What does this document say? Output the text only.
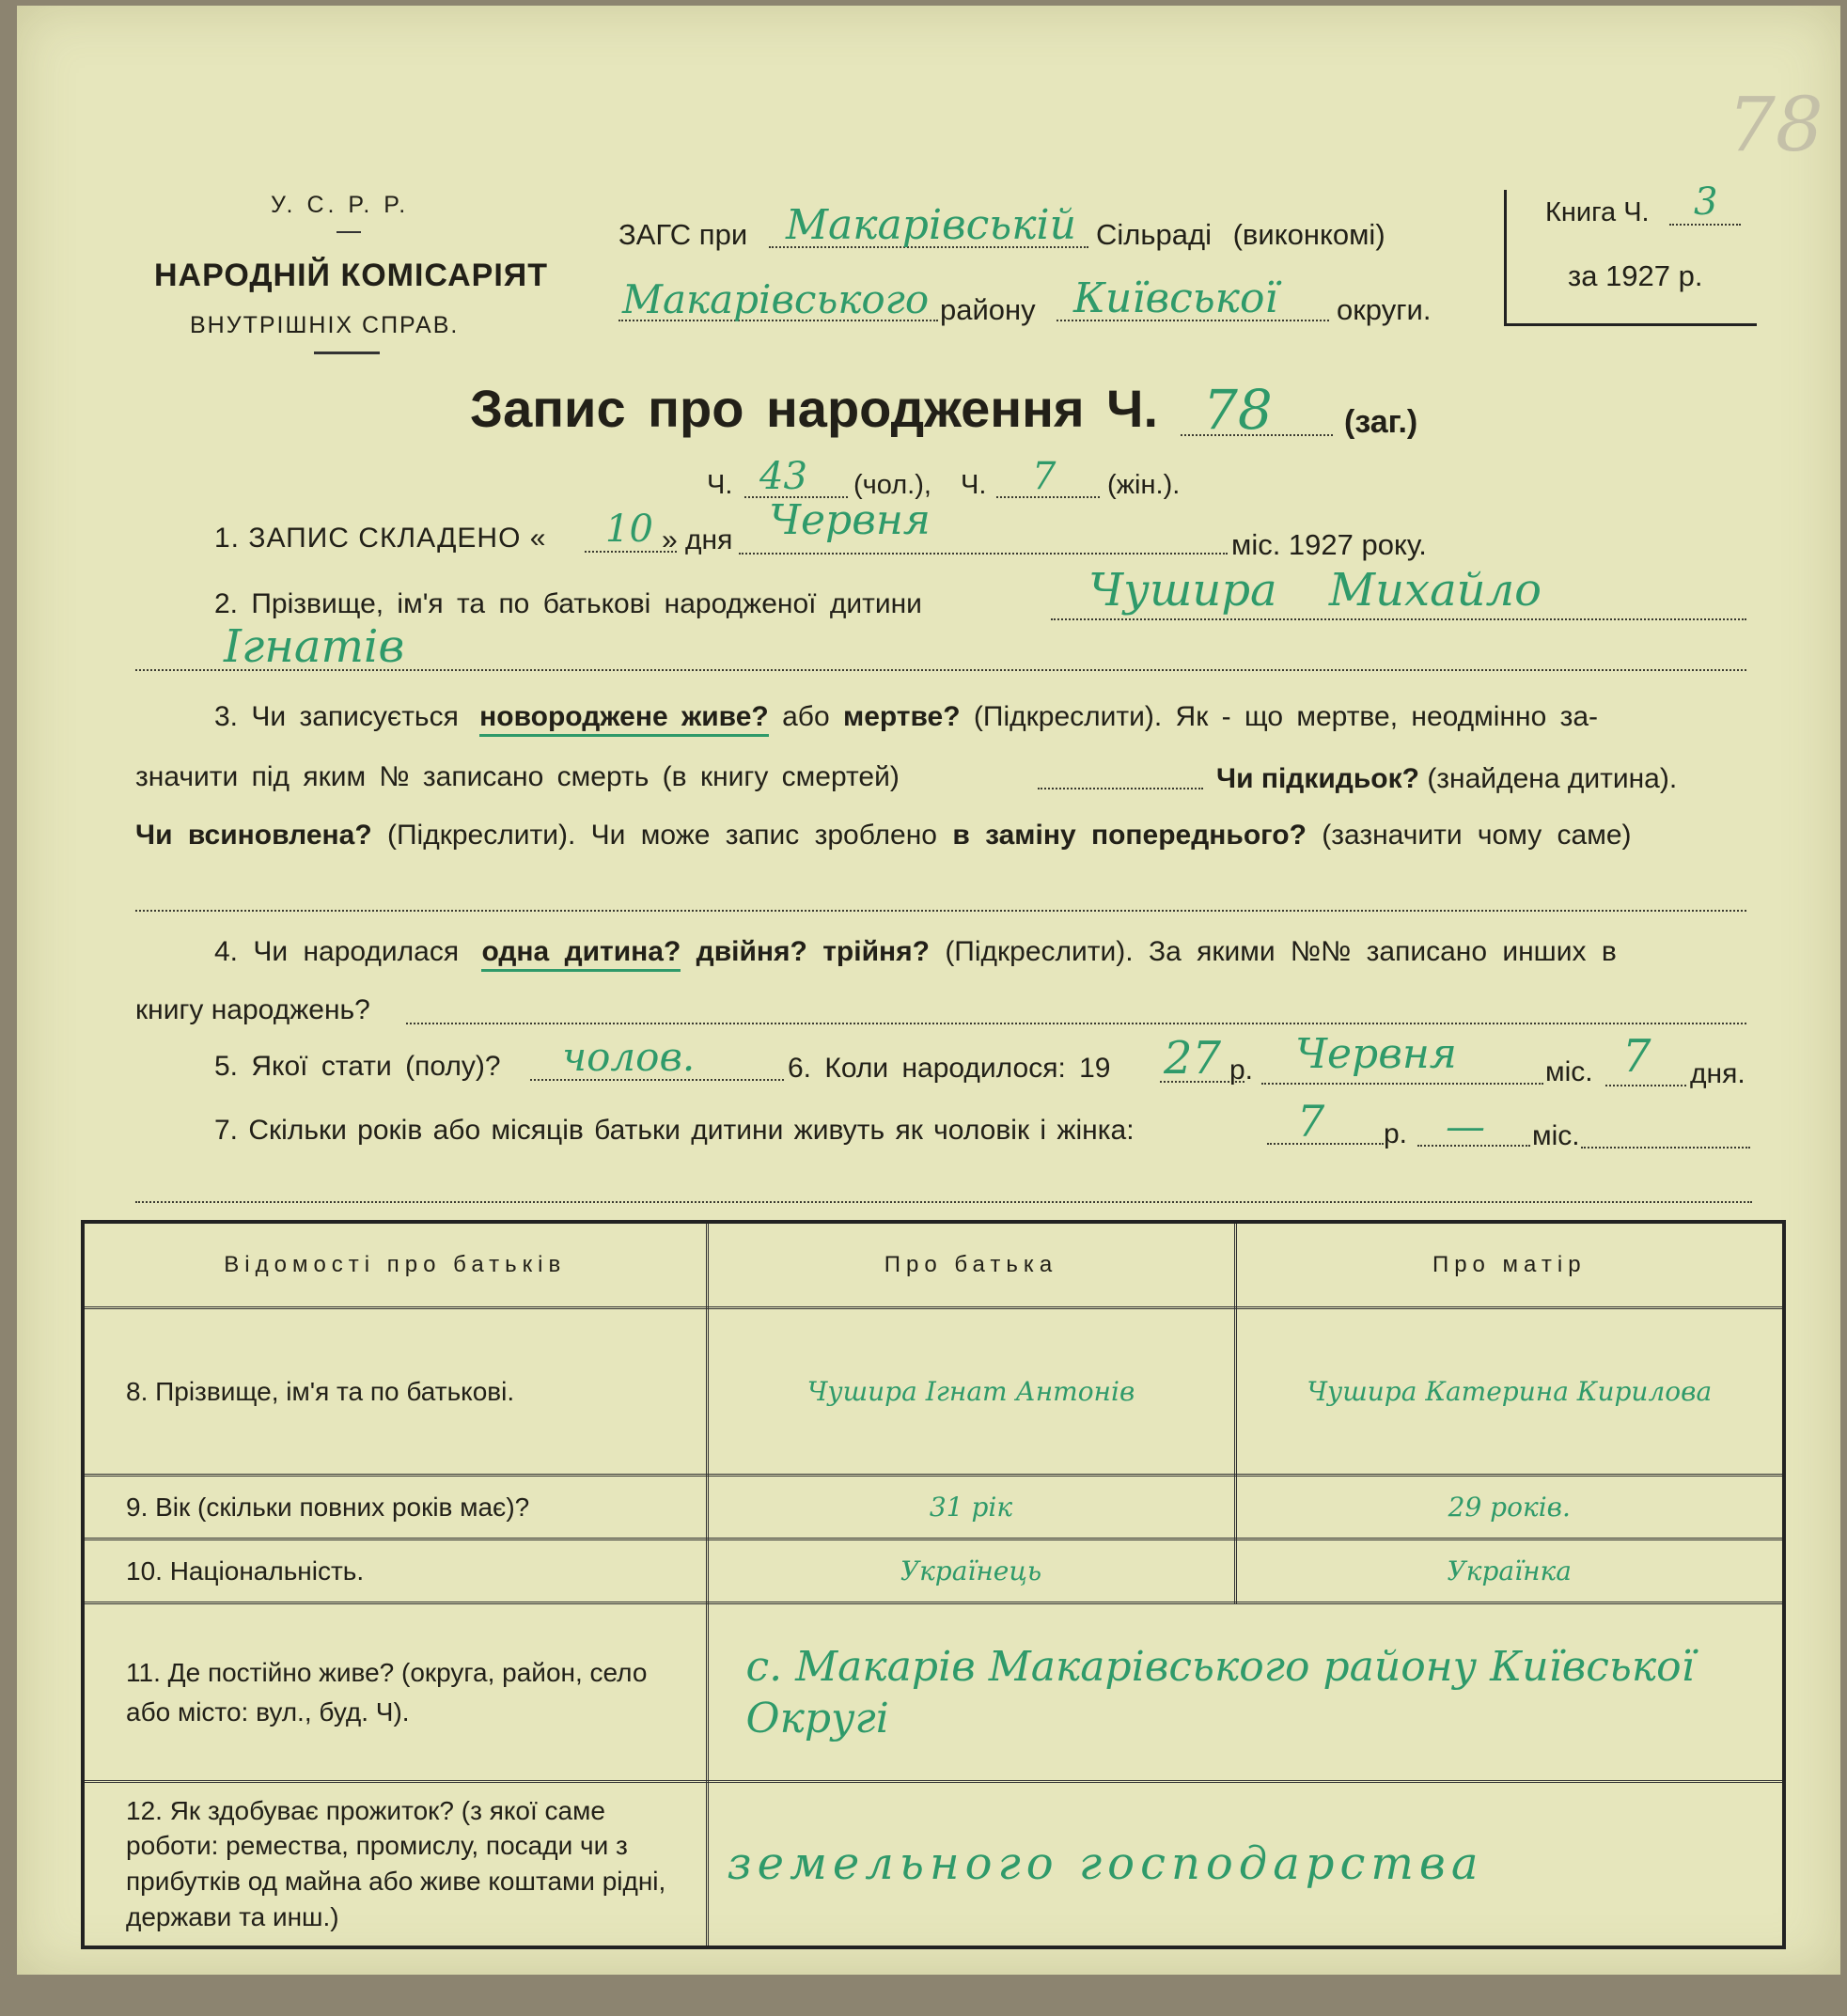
78
У. С. Р. Р.
НАРОДНІЙ КОМІСАРІЯТ
ВНУТРІШНІХ СПРАВ.
ЗАГС при Макарівській Сільраді (виконкомі)
Макарівського району Київської округи.
Книга Ч. 3
за 1927 р.
Запис про народження Ч. 78 (заг.)
Ч. 43 (чол.), Ч. 7 (жін.).
1. ЗАПИС СКЛАДЕНО « 10 » дня Червня
міс. 1927 року.
2. Прізвище, ім'я та по батькові народженої дитини	Чушира Михайло
Ігнатів
3. Чи записується новороджене живе? або мертве? (Підкреслити). Як - що мертве, неодмінно за-
значити під яким № записано смерть (в книгу смертей)	Чи підкидьок? (знайдена дитина).
Чи всиновлена? (Підкреслити). Чи може запис зроблено в заміну попереднього? (зазначити чому саме)
4. Чи народилася одна дитина? двійня? трійня? (Підкреслити). За якими №№ записано инших в
книгу народжень?
5. Якої стати (полу)? чолов.	6. Коли народилося: 19 27 р. Червня	міс. 7 дня.
7. Скільки років або місяців батьки дитини живуть як чоловік і жінка:	7 р. — міс.
Відомості про батьків	Про батька	Про матір
8. Прізвище, ім'я та по батькові.	Чушира Ігнат Антонів	Чушира Катерина Кирилова
9. Вік (скільки повних років має)?	31 рік	29 років.
10. Національність.	Українець	Українка
11. Де постійно живе? (округа, район, село або місто: вул., буд. Ч).	с. Макарів Макарівського району Київської Округі	
12. Як здобуває прожиток? (з якої саме роботи: ремества, промислу, посади чи з прибутків од майна або живе коштами рідні, держави та инш.)	земельного господарства	
